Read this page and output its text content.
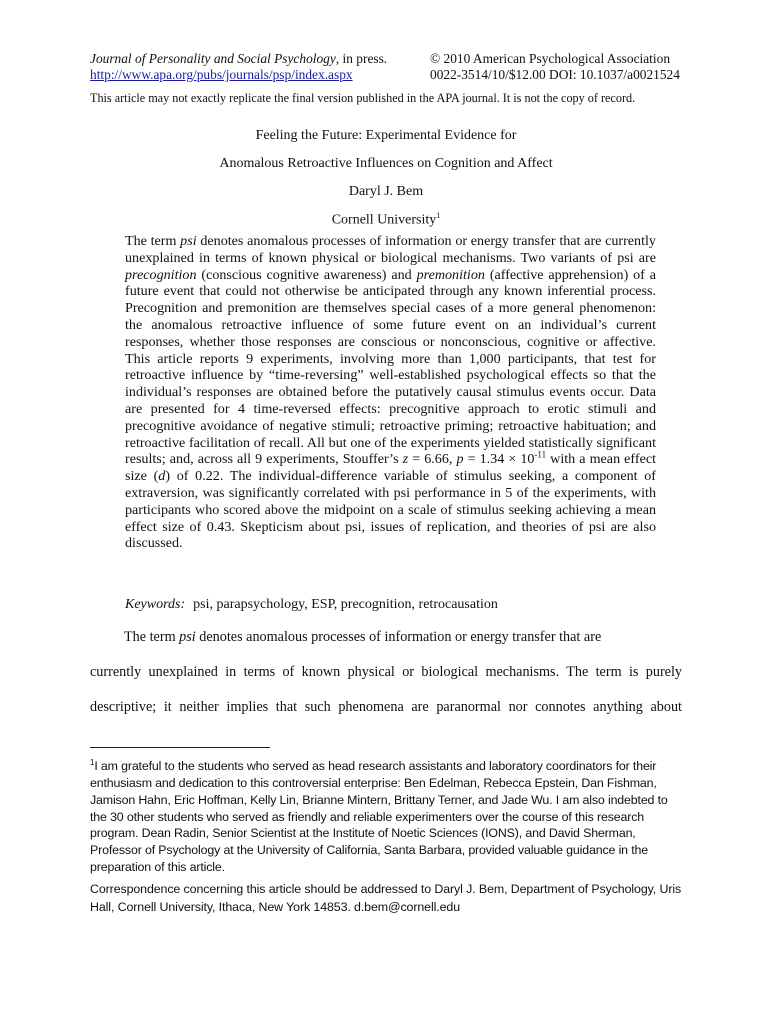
Journal of Personality and Social Psychology, in press.	© 2010 American Psychological Association
http://www.apa.org/pubs/journals/psp/index.aspx	0022-3514/10/$12.00 DOI: 10.1037/a0021524
This article may not exactly replicate the final version published in the APA journal. It is not the copy of record.
Feeling the Future: Experimental Evidence for
Anomalous Retroactive Influences on Cognition and Affect
Daryl J. Bem
Cornell University$^1$

The term psi denotes anomalous processes of information or energy transfer that are currently unexplained in terms of known physical or biological mechanisms. Two variants of psi are precognition (conscious cognitive awareness) and premonition (affective apprehension) of a future event that could not otherwise be anticipated through any known inferential process. Precognition and premonition are themselves special cases of a more general phenomenon: the anomalous retroactive influence of some future event on an individual’s current responses, whether those responses are conscious or nonconscious, cognitive or affective. This article reports 9 experiments, involving more than 1,000 participants, that test for retroactive influence by “time-reversing” well-established psychological effects so that the individual’s responses are obtained before the putatively causal stimulus events occur. Data are presented for 4 time-reversed effects: precognitive approach to erotic stimuli and precognitive avoidance of negative stimuli; retroactive priming; retroactive habituation; and retroactive facilitation of recall. All but one of the experiments yielded statistically significant results; and, across all 9 experiments, Stouffer’s z = 6.66, $p = 1.34 \times 10^{-11}$ with a mean effect size (d) of 0.22. The individual-difference variable of stimulus seeking, a component of extraversion, was significantly correlated with psi performance in 5 of the experiments, with participants who scored above the midpoint on a scale of stimulus seeking achieving a mean effect size of 0.43. Skepticism about psi, issues of replication, and theories of psi are also discussed.

Keywords: psi, parapsychology, ESP, precognition, retrocausation
The term psi denotes anomalous processes of information or energy transfer that are
currently unexplained in terms of known physical or biological mechanisms. The term is purely
descriptive; it neither implies that such phenomena are paranormal nor connotes anything about

$^1$I am grateful to the students who served as head research assistants and laboratory coordinators for their enthusiasm and dedication to this controversial enterprise: Ben Edelman, Rebecca Epstein, Dan Fishman, Jamison Hahn, Eric Hoffman, Kelly Lin, Brianne Mintern, Brittany Terner, and Jade Wu. I am also indebted to the 30 other students who served as friendly and reliable experimenters over the course of this research program. Dean Radin, Senior Scientist at the Institute of Noetic Sciences (IONS), and David Sherman, Professor of Psychology at the University of California, Santa Barbara, provided valuable guidance in the preparation of this article.

Correspondence concerning this article should be addressed to Daryl J. Bem, Department of Psychology, Uris Hall, Cornell University, Ithaca, New York 14853. d.bem@cornell.edu
